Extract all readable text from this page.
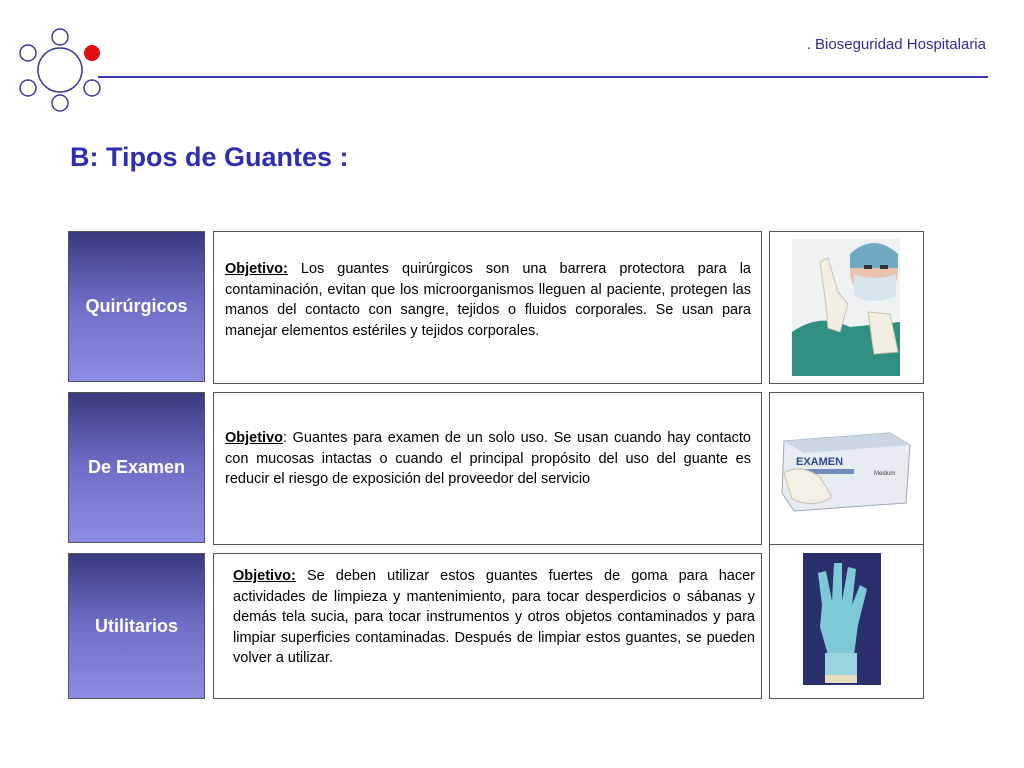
. Bioseguridad Hospitalaria
B: Tipos de Guantes :
Quirúrgicos
Objetivo: Los guantes quirúrgicos son una barrera protectora para la contaminación, evitan que los microorganismos lleguen al paciente, protegen las manos del contacto con sangre, tejidos o fluidos corporales. Se usan para manejar elementos estériles y tejidos corporales.
De Examen
Objetivo: Guantes para examen de un solo uso. Se usan cuando hay contacto con mucosas intactas o cuando el principal propósito del uso del guante es reducir el riesgo de exposición del proveedor del servicio
EXAMEN
Medium
Utilitarios
Objetivo: Se deben utilizar estos guantes fuertes de goma para hacer actividades de limpieza y mantenimiento, para tocar desperdicios o sábanas y demás tela sucia, para tocar instrumentos y otros objetos contaminados y para limpiar superficies contaminadas. Después de limpiar estos guantes, se pueden volver a utilizar.
